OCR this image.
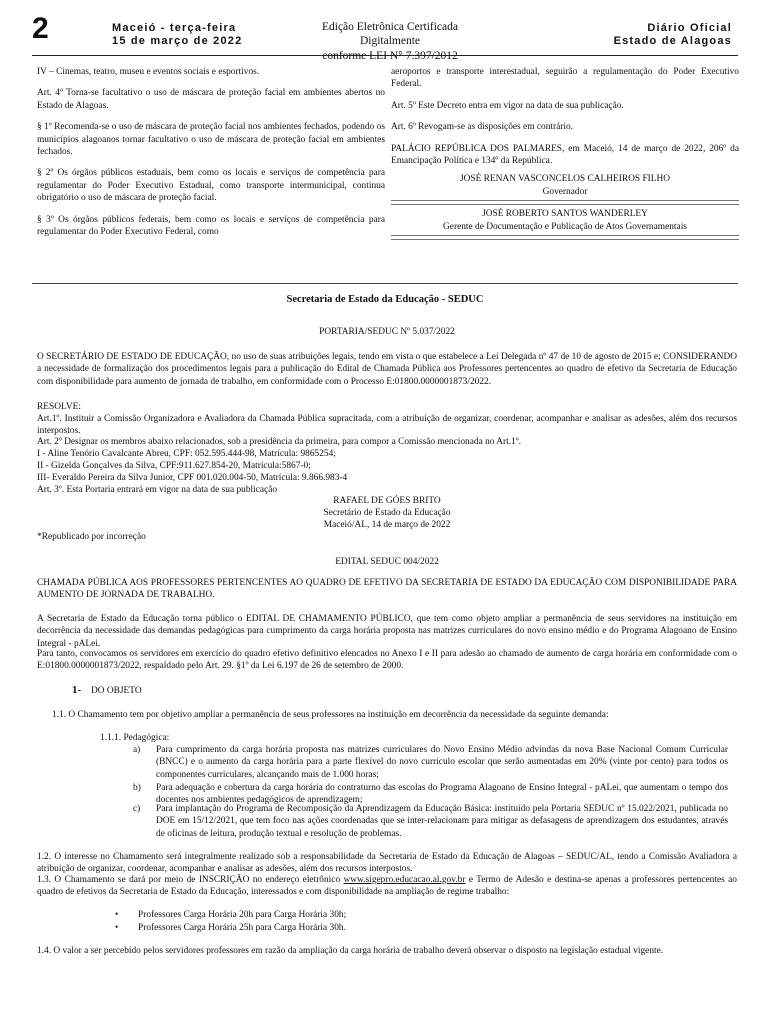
2	Maceió - terça-feira
15 de março de 2022
Edição Eletrônica Certificada Digitalmente
conforme LEI N° 7.397/2012
Diário Oficial
Estado de Alagoas

IV – Cinemas, teatro, museu e eventos sociais e esportivos.

Art. 4º Torna-se facultativo o uso de máscara de proteção facial em ambientes abertos no Estado de Alagoas.

§ 1º Recomenda-se o uso de máscara de proteção facial nos ambientes fechados, podendo os municípios alagoanos tornar facultativo o uso de máscara de proteção facial em ambientes fechados.

§ 2º Os órgãos públicos estaduais, bem como os locais e serviços de competência para regulamentar do Poder Executivo Estadual, como transporte intermunicipal, continua obrigatório o uso de máscara de proteção facial.

§ 3º Os órgãos públicos federais, bem como os locais e serviços de competência para regulamentar do Poder Executivo Federal, como

aeroportos e transporte interestadual, seguirão a regulamentação do Poder Executivo Federal.

Art. 5º Este Decreto entra em vigor na data de sua publicação.

Art. 6º Revogam-se as disposições em contrário.

PALÁCIO REPÚBLICA DOS PALMARES, em Maceió, 14 de março de 2022, 206º da Emancipação Política e 134º da República.

JOSÉ RENAN VASCONCELOS CALHEIROS FILHO
Governador
JOSÉ ROBERTO SANTOS WANDERLEY
Gerente de Documentação e Publicação de Atos Governamentais
Secretaria de Estado da Educação - SEDUC
PORTARIA/SEDUC Nº 5.037/2022
O SECRETÁRIO DE ESTADO DE EDUCAÇÃO, no uso de suas atribuições legais, tendo em vista o que estabelece a Lei Delegada nº 47 de 10 de agosto de 2015 e; CONSIDERANDO a necessidade de formalização dos procedimentos legais para a publicação do Edital de Chamada Pública aos Professores pertencentes ao quadro de efetivo da Secretaria de Educação com disponibilidade para aumento de jornada de trabalho, em conformidade com o Processo E:01800.0000001873/2022.
RESOLVE:
Art.1º. Instituir a Comissão Organizadora e Avaliadora da Chamada Pública supracitada, com a atribuição de organizar, coordenar, acompanhar e analisar as adesões, além dos recursos interpostos.
Art. 2º Designar os membros abaixo relacionados, sob a presidência da primeira, para compor a Comissão mencionada no Art.1º.
I - Aline Tenório Cavalcante Abreu, CPF: 052.595.444-98, Matrícula: 9865254;
II - Gizelda Gonçalves da Silva, CPF:911.627.854-20, Matrícula:5867-0;
III- Everaldo Pereira da Silva Junior, CPF 001.020.004-50, Matrícula: 9.866.983-4
Art. 3º. Esta Portaria entrará em vigor na data de sua publicação
RAFAEL DE GÓES BRITO
Secretário de Estado da Educação
Maceió/AL, 14 de março de 2022
*Republicado por incorreção
EDITAL SEDUC 004/2022
CHAMADA PÚBLICA AOS PROFESSORES PERTENCENTES AO QUADRO DE EFETIVO DA SECRETARIA DE ESTADO DA EDUCAÇÃO COM DISPONIBILIDADE PARA AUMENTO DE JORNADA DE TRABALHO.
A Secretaria de Estado da Educação torna público o EDITAL DE CHAMAMENTO PÚBLICO, que tem como objeto ampliar a permanência de seus servidores na instituição em decorrência da necessidade das demandas pedagógicas para cumprimento da carga horária proposta nas matrizes curriculares do novo ensino médio e do Programa Alagoano de Ensino Integral - pALei.
Para tanto, convocamos os servidores em exercício do quadro efetivo definitivo elencados no Anexo I e II para adesão ao chamado de aumento de carga horária em conformidade com o E:01800.0000001873/2022, respaldado pelo Art. 29. §1º da Lei 6.197 de 26 de setembro de 2000.
1- DO OBJETO
1.1. O Chamamento tem por objetivo ampliar a permanência de seus professores na instituição em decorrência da necessidade da seguinte demanda:
1.1.1. Pedagógica:
a) Para cumprimento da carga horária proposta nas matrizes curriculares do Novo Ensino Médio advindas da nova Base Nacional Comum Curricular (BNCC) e o aumento da carga horária para a parte flexível do novo currículo escolar que serão aumentadas em 20% (vinte por cento) para todos os componentes curriculares, alcançando mais de 1.000 horas;
b) Para adequação e cobertura da carga horária do contraturno das escolas do Programa Alagoano de Ensino Integral - pALei, que aumentam o tempo dos docentes nos ambientes pedagógicos de aprendizagem;
c) Para implantação do Programa de Recomposição da Aprendizagem da Educação Básica: instituído pela Portaria SEDUC nº 15.022/2021, publicada no DOE em 15/12/2021, que tem foco nas ações coordenadas que se inter-relacionam para mitigar as defasagens de aprendizagem dos estudantes, através de oficinas de leitura, produção textual e resolução de problemas.
1.2. O interesse no Chamamento será integralmente realizado sob a responsabilidade da Secretaria de Estado da Educação de Alagoas – SEDUC/AL, tendo a Comissão Avaliadora a atribuição de organizar, coordenar, acompanhar e analisar as adesões, além dos recursos interpostos.
1.3. O Chamamento se dará por meio de INSCRIÇÃO no endereço eletrônico www.sigepro.educacao.al.gov.br e Termo de Adesão e destina-se apenas a professores pertencentes ao quadro de efetivos da Secretaria de Estado da Educação, interessados e com disponibilidade na ampliação de regime trabalho:
• Professores Carga Horária 20h para Carga Horária 30h;
• Professores Carga Horária 25h para Carga Horária 30h.
1.4. O valor a ser percebido pelos servidores professores em razão da ampliação da carga horária de trabalho deverá observar o disposto na legislação estadual vigente.
